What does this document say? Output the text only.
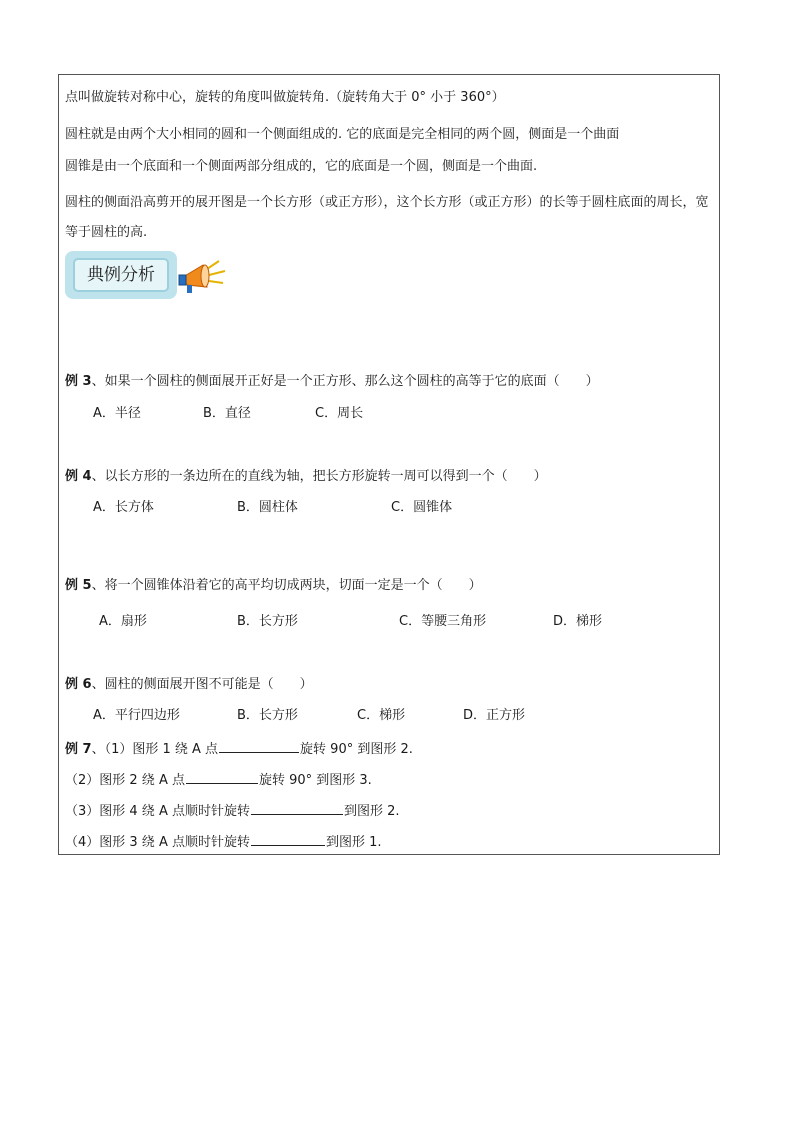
点叫做旋转对称中心，旋转的角度叫做旋转角.（旋转角大于 0° 小于 360°）
圆柱就是由两个大小相同的圆和一个侧面组成的. 它的底面是完全相同的两个圆，侧面是一个曲面
圆锥是由一个底面和一个侧面两部分组成的，它的底面是一个圆，侧面是一个曲面.
圆柱的侧面沿高剪开的展开图是一个长方形（或正方形），这个长方形（或正方形）的长等于圆柱底面的周长，宽等于圆柱的高.
典例分析
例 3、如果一个圆柱的侧面展开正好是一个正方形、那么这个圆柱的高等于它的底面（　　）
A．半径	B．直径	C．周长
例 4、以长方形的一条边所在的直线为轴，把长方形旋转一周可以得到一个（　　）
A．长方体	B．圆柱体	C．圆锥体
例 5、将一个圆锥体沿着它的高平均切成两块，切面一定是一个（　　）
A．扇形	B．长方形	C．等腰三角形	D．梯形
例 6、圆柱的侧面展开图不可能是（　　）
A．平行四边形	B．长方形	C．梯形	D．正方形
例 7、（1）图形 1 绕 A 点	旋转 90° 到图形 2.
（2）图形 2 绕 A 点	旋转 90° 到图形 3.
（3）图形 4 绕 A 点顺时针旋转	到图形 2.
（4）图形 3 绕 A 点顺时针旋转	到图形 1.
